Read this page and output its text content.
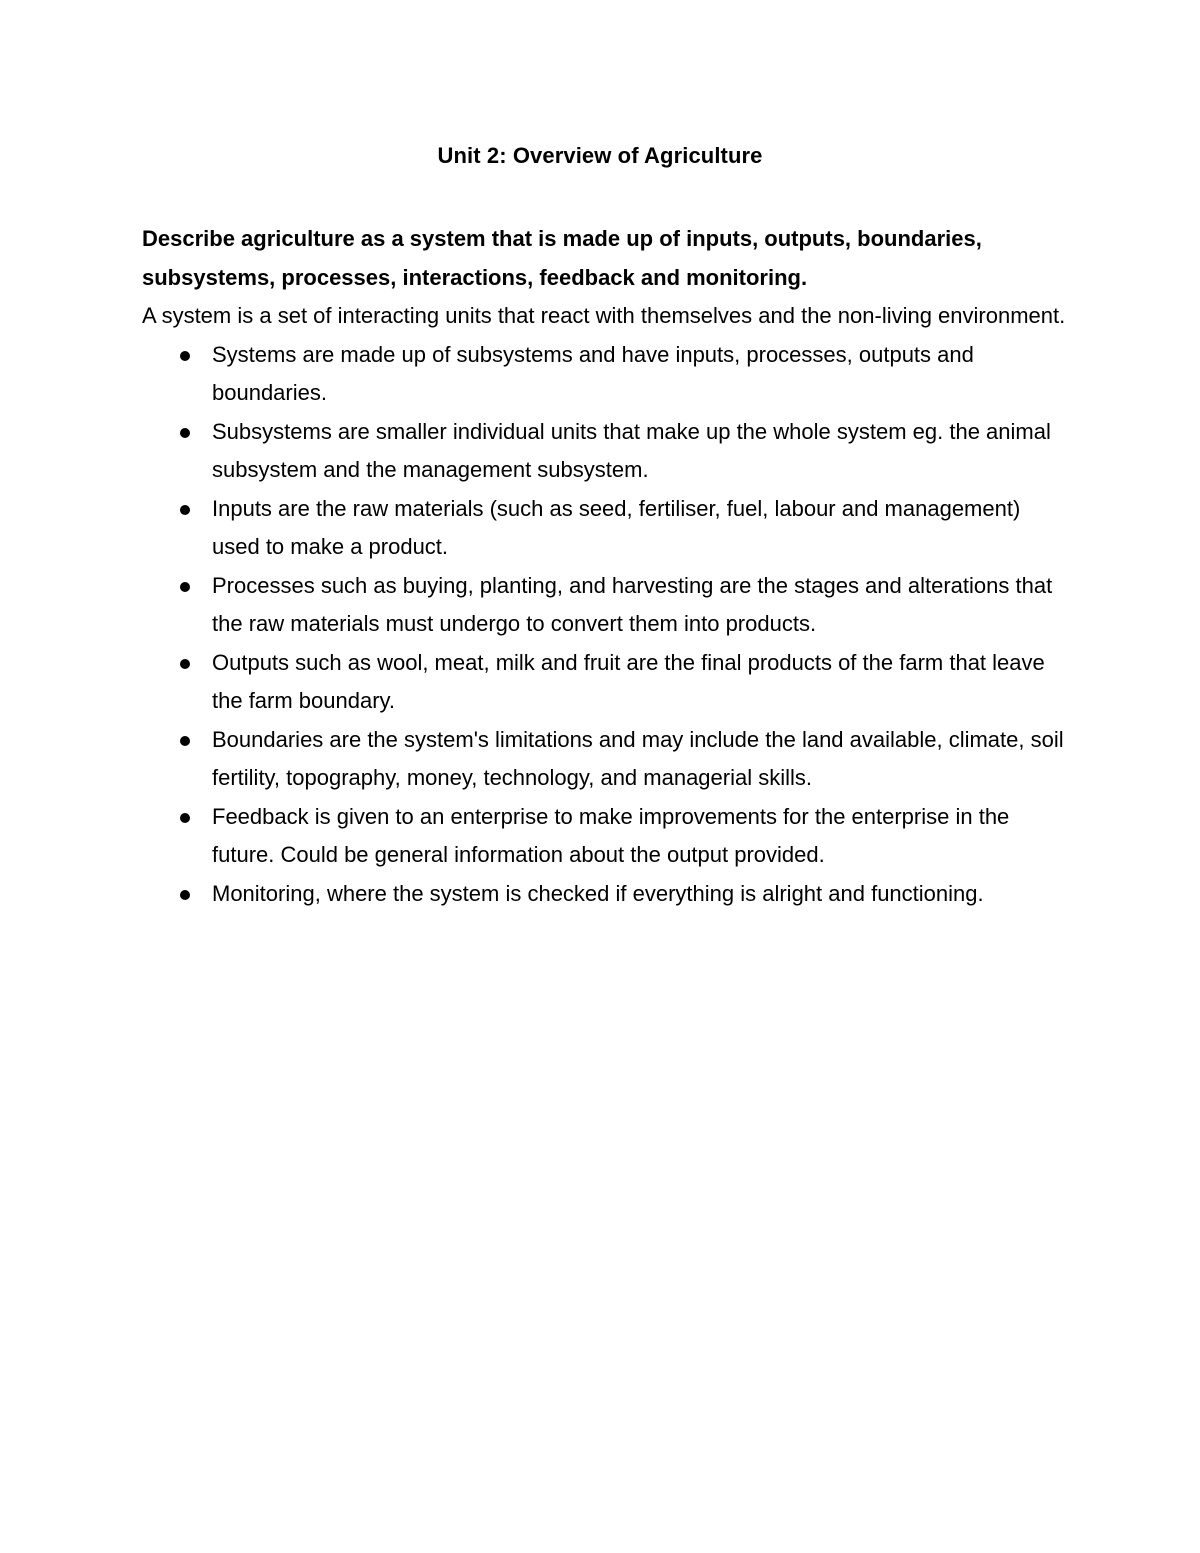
Unit 2: Overview of Agriculture

Describe agriculture as a system that is made up of inputs, outputs, boundaries, subsystems, processes, interactions, feedback and monitoring.

A system is a set of interacting units that react with themselves and the non-living environment.

Systems are made up of subsystems and have inputs, processes, outputs and boundaries.
Subsystems are smaller individual units that make up the whole system eg. the animal subsystem and the management subsystem.
Inputs are the raw materials (such as seed, fertiliser, fuel, labour and management) used to make a product.
Processes such as buying, planting, and harvesting are the stages and alterations that the raw materials must undergo to convert them into products.
Outputs such as wool, meat, milk and fruit are the final products of the farm that leave the farm boundary.
Boundaries are the system's limitations and may include the land available, climate, soil fertility, topography, money, technology, and managerial skills.
Feedback is given to an enterprise to make improvements for the enterprise in the future. Could be general information about the output provided.
Monitoring, where the system is checked if everything is alright and functioning.
